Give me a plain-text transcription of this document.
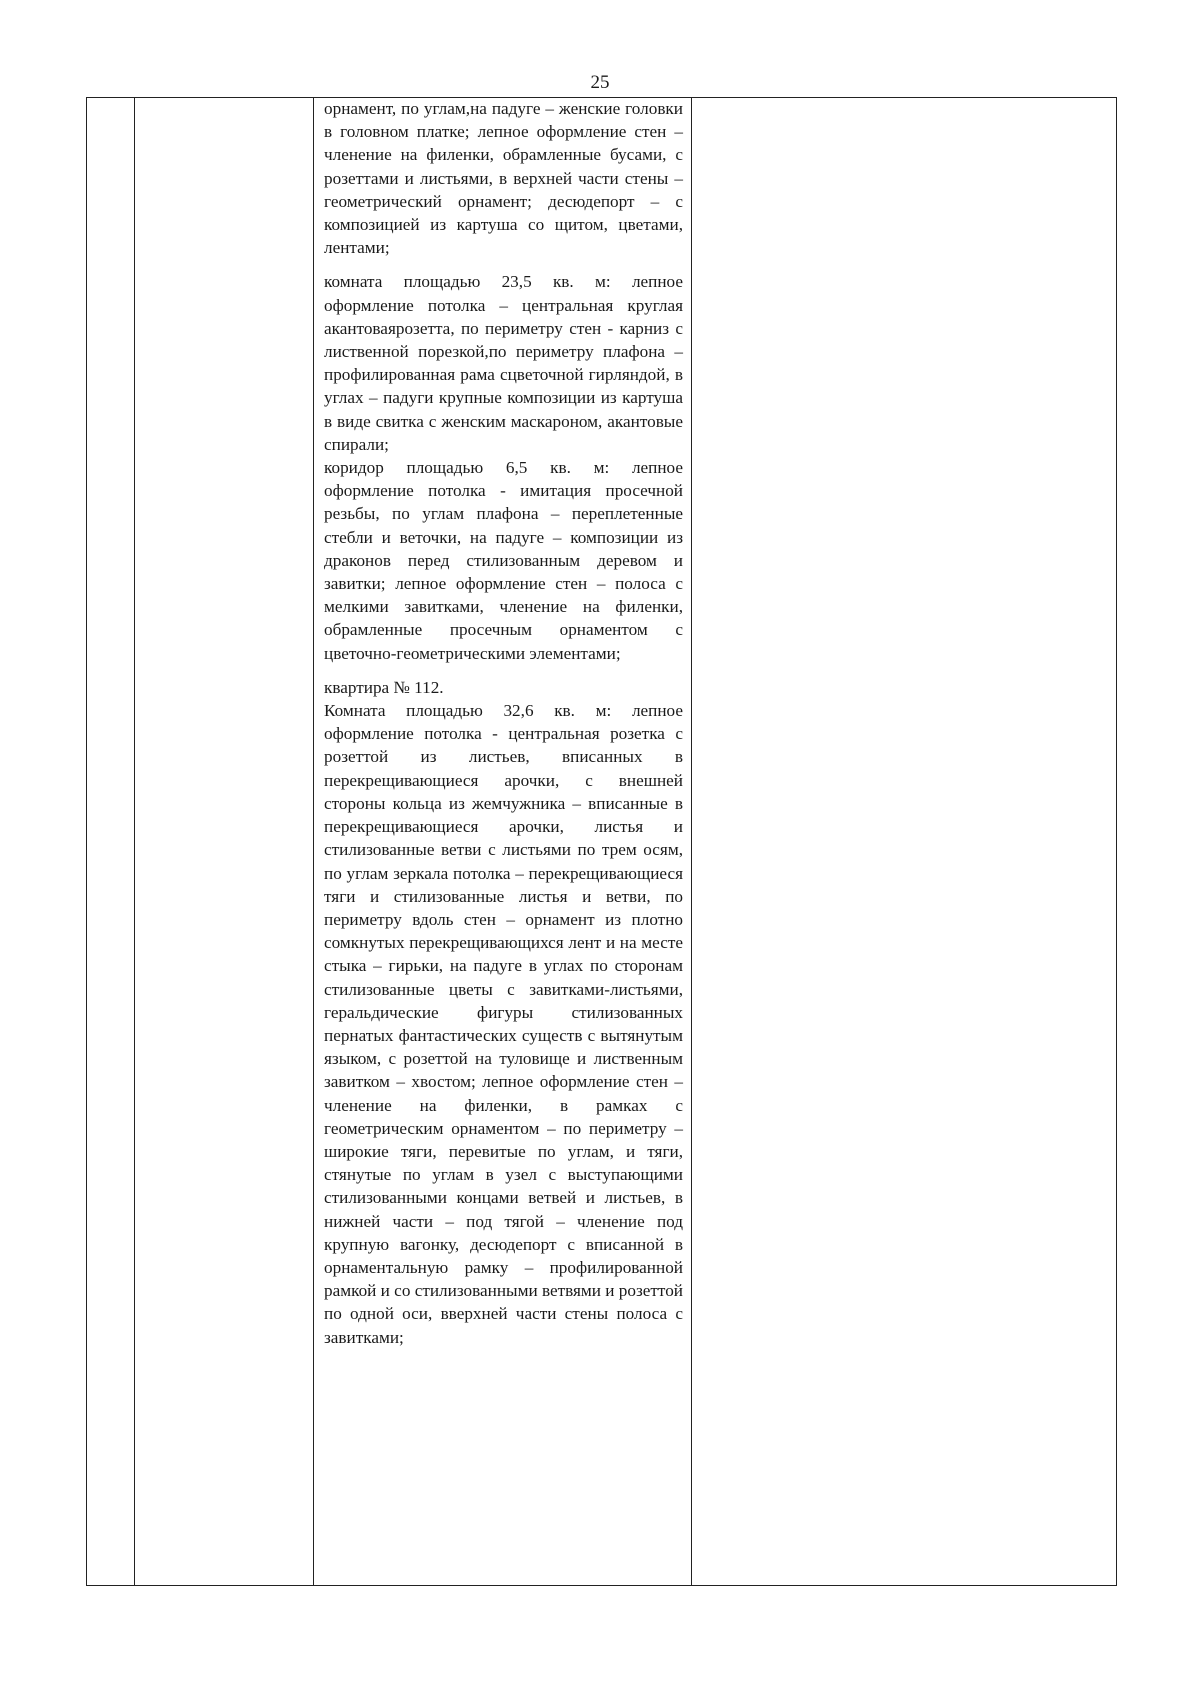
25

орнамент, по углам,на падуге – женские головки в головном платке; лепное оформление стен – членение на филенки, обрамленные бусами, с розеттами и листьями, в верхней части стены – геометрический орнамент; десюдепорт – с композицией из картуша со щитом, цветами, лентами;

комната площадью 23,5 кв. м: лепное оформление потолка – центральная круглая акантоваярозетта, по периметру стен - карниз с лиственной порезкой,по периметру плафона – профилированная рама сцветочной гирляндой, в углах – падуги крупные композиции из картуша в виде свитка с женским маскароном, акантовые спирали;

коридор площадью 6,5 кв. м: лепное оформление потолка - имитация просечной резьбы, по углам плафона – переплетенные стебли и веточки, на падуге – композиции из драконов перед стилизованным деревом и завитки; лепное оформление стен – полоса с мелкими завитками, членение на филенки, обрамленные просечным орнаментом с цветочно-геометрическими элементами;

квартира № 112.

Комната площадью 32,6 кв. м: лепное оформление потолка - центральная розетка с розеттой из листьев, вписанных в перекрещивающиеся арочки, с внешней стороны кольца из жемчужника – вписанные в перекрещивающиеся арочки, листья и стилизованные ветви с листьями по трем осям, по углам зеркала потолка – перекрещивающиеся тяги и стилизованные листья и ветви, по периметру вдоль стен – орнамент из плотно сомкнутых перекрещивающихся лент и на месте стыка – гирьки, на падуге в углах по сторонам стилизованные цветы с завитками-листьями, геральдические фигуры стилизованных пернатых фантастических существ с вытянутым языком, с розеттой на туловище и лиственным завитком – хвостом; лепное оформление стен – членение на филенки, в рамках с геометрическим орнаментом – по периметру – широкие тяги, перевитые по углам, и тяги, стянутые по углам в узел с выступающими стилизованными концами ветвей и листьев, в нижней части – под тягой – членение под крупную вагонку, десюдепорт с вписанной в орнаментальную рамку – профилированной рамкой и со стилизованными ветвями и розеттой по одной оси, вверхней части стены полоса с завитками;
